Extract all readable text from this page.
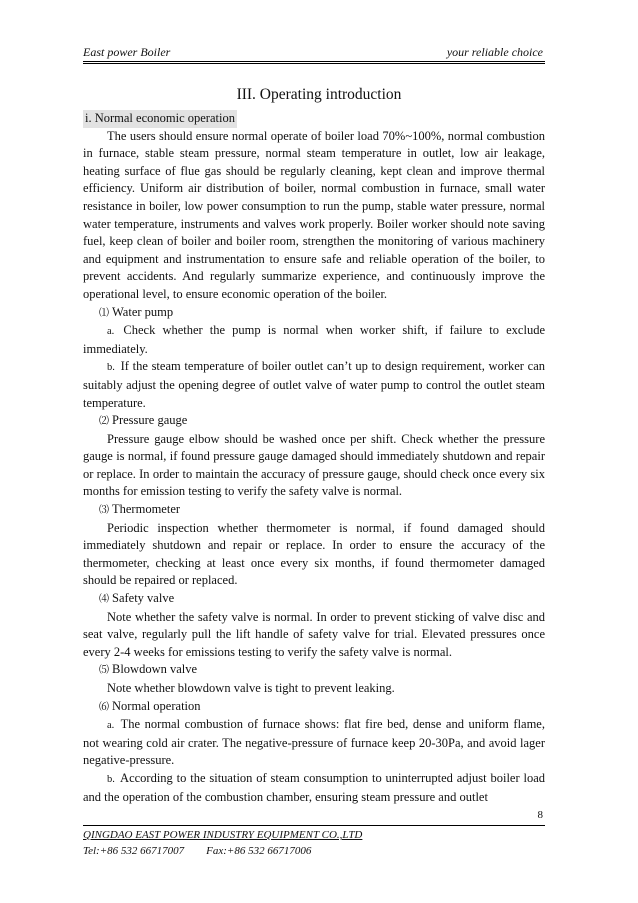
East power Boiler	your reliable choice
III. Operating introduction

i. Normal economic operation

The users should ensure normal operate of boiler load 70%~100%, normal combustion in furnace, stable steam pressure, normal steam temperature in outlet, low air leakage, heating surface of flue gas should be regularly cleaning, kept clean and improve thermal efficiency. Uniform air distribution of boiler, normal combustion in furnace, small water resistance in boiler, low power consumption to run the pump, stable water pressure, normal water temperature, instruments and valves work properly. Boiler worker should note saving fuel, keep clean of boiler and boiler room, strengthen the monitoring of various machinery and equipment and instrumentation to ensure safe and reliable operation of the boiler, to prevent accidents. And regularly summarize experience, and continuously improve the operational level, to ensure economic operation of the boiler.

⑴ Water pump

a. Check whether the pump is normal when worker shift, if failure to exclude immediately.

b. If the steam temperature of boiler outlet can’t up to design requirement, worker can suitably adjust the opening degree of outlet valve of water pump to control the outlet steam temperature.

⑵ Pressure gauge

Pressure gauge elbow should be washed once per shift. Check whether the pressure gauge is normal, if found pressure gauge damaged should immediately shutdown and repair or replace. In order to maintain the accuracy of pressure gauge, should check once every six months for emission testing to verify the safety valve is normal.

⑶ Thermometer

Periodic inspection whether thermometer is normal, if found damaged should immediately shutdown and repair or replace. In order to ensure the accuracy of the thermometer, checking at least once every six months, if found thermometer damaged should be repaired or replaced.

⑷ Safety valve

Note whether the safety valve is normal. In order to prevent sticking of valve disc and seat valve, regularly pull the lift handle of safety valve for trial. Elevated pressures once every 2-4 weeks for emissions testing to verify the safety valve is normal.

⑸ Blowdown valve

Note whether blowdown valve is tight to prevent leaking.

⑹ Normal operation

a. The normal combustion of furnace shows: flat fire bed, dense and uniform flame, not wearing cold air crater. The negative-pressure of furnace keep 20-30Pa, and avoid lager negative-pressure.

b. According to the situation of steam consumption to uninterrupted adjust boiler load and the operation of the combustion chamber, ensuring steam pressure and outlet

8
QINGDAO EAST POWER INDUSTRY EQUIPMENT CO.,LTD
Tel:+86 532 66717007 Fax:+86 532 66717006
